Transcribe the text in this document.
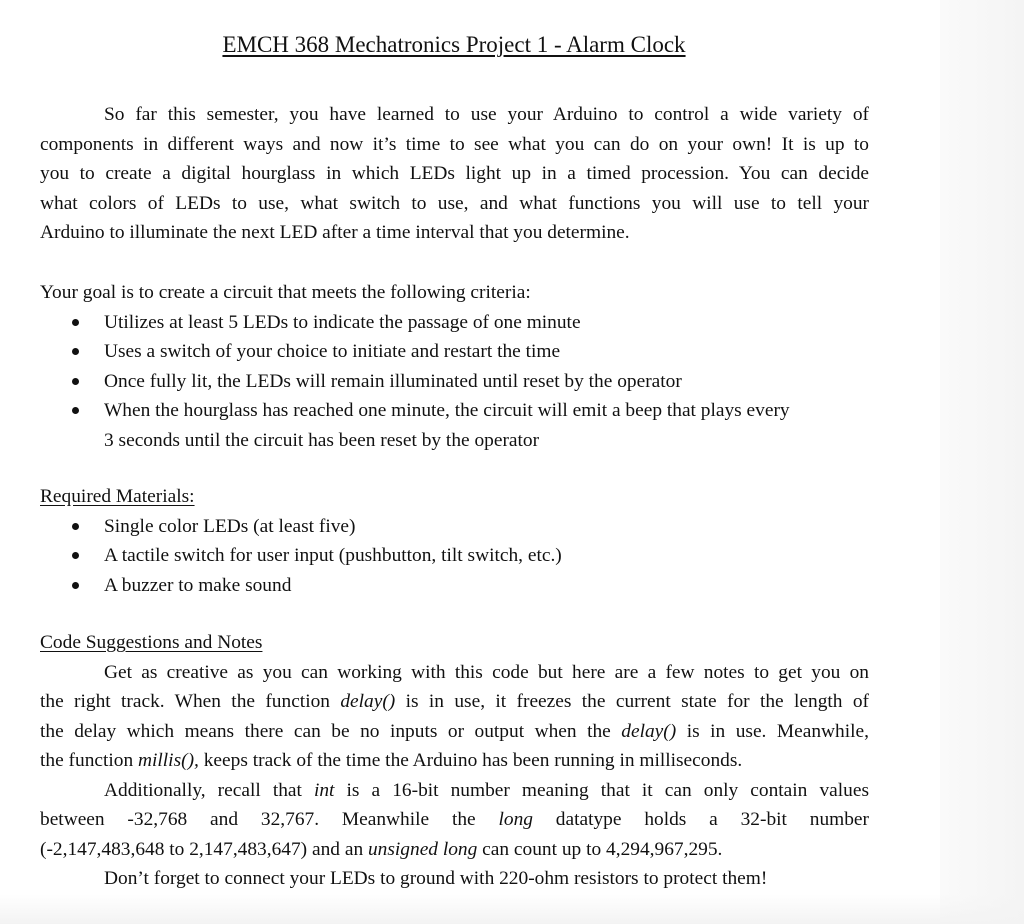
EMCH 368 Mechatronics Project 1 - Alarm Clock
So far this semester, you have learned to use your Arduino to control a wide variety of
components in different ways and now it’s time to see what you can do on your own! It is up to
you to create a digital hourglass in which LEDs light up in a timed procession. You can decide
what colors of LEDs to use, what switch to use, and what functions you will use to tell your
Arduino to illuminate the next LED after a time interval that you determine.
Your goal is to create a circuit that meets the following criteria:
Utilizes at least 5 LEDs to indicate the passage of one minute
Uses a switch of your choice to initiate and restart the time
Once fully lit, the LEDs will remain illuminated until reset by the operator
When the hourglass has reached one minute, the circuit will emit a beep that plays every
3 seconds until the circuit has been reset by the operator
Required Materials:
Single color LEDs (at least five)
A tactile switch for user input (pushbutton, tilt switch, etc.)
A buzzer to make sound
Code Suggestions and Notes
Get as creative as you can working with this code but here are a few notes to get you on
the right track. When the function delay() is in use, it freezes the current state for the length of
the delay which means there can be no inputs or output when the delay() is in use. Meanwhile,
the function millis(), keeps track of the time the Arduino has been running in milliseconds.
Additionally, recall that int is a 16-bit number meaning that it can only contain values
between -32,768 and 32,767. Meanwhile the long datatype holds a 32-bit number
(-2,147,483,648 to 2,147,483,647) and an unsigned long can count up to 4,294,967,295.
Don’t forget to connect your LEDs to ground with 220-ohm resistors to protect them!
